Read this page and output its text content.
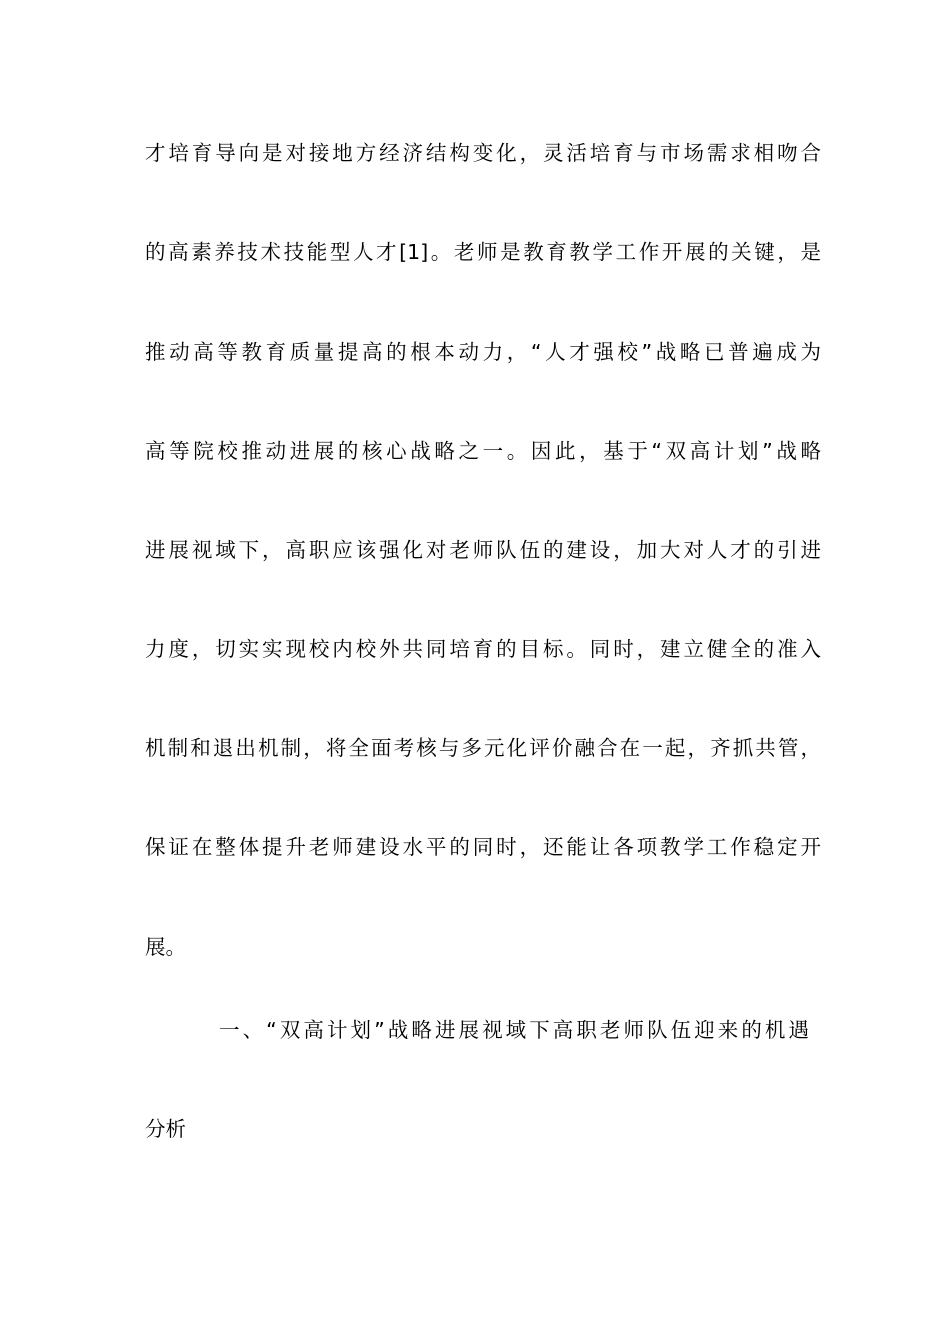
才培育导向是对接地方经济结构变化，灵活培育与市场需求相吻合
的高素养技术技能型人才[1]。老师是教育教学工作开展的关键，是
推动高等教育质量提高的根本动力，“人才强校”战略已普遍成为
高等院校推动进展的核心战略之一。因此，基于“双高计划”战略
进展视域下，高职应该强化对老师队伍的建设，加大对人才的引进
力度，切实实现校内校外共同培育的目标。同时，建立健全的准入
机制和退出机制，将全面考核与多元化评价融合在一起，齐抓共管，
保证在整体提升老师建设水平的同时，还能让各项教学工作稳定开
展。
一、“双高计划”战略进展视域下高职老师队伍迎来的机遇
分析
